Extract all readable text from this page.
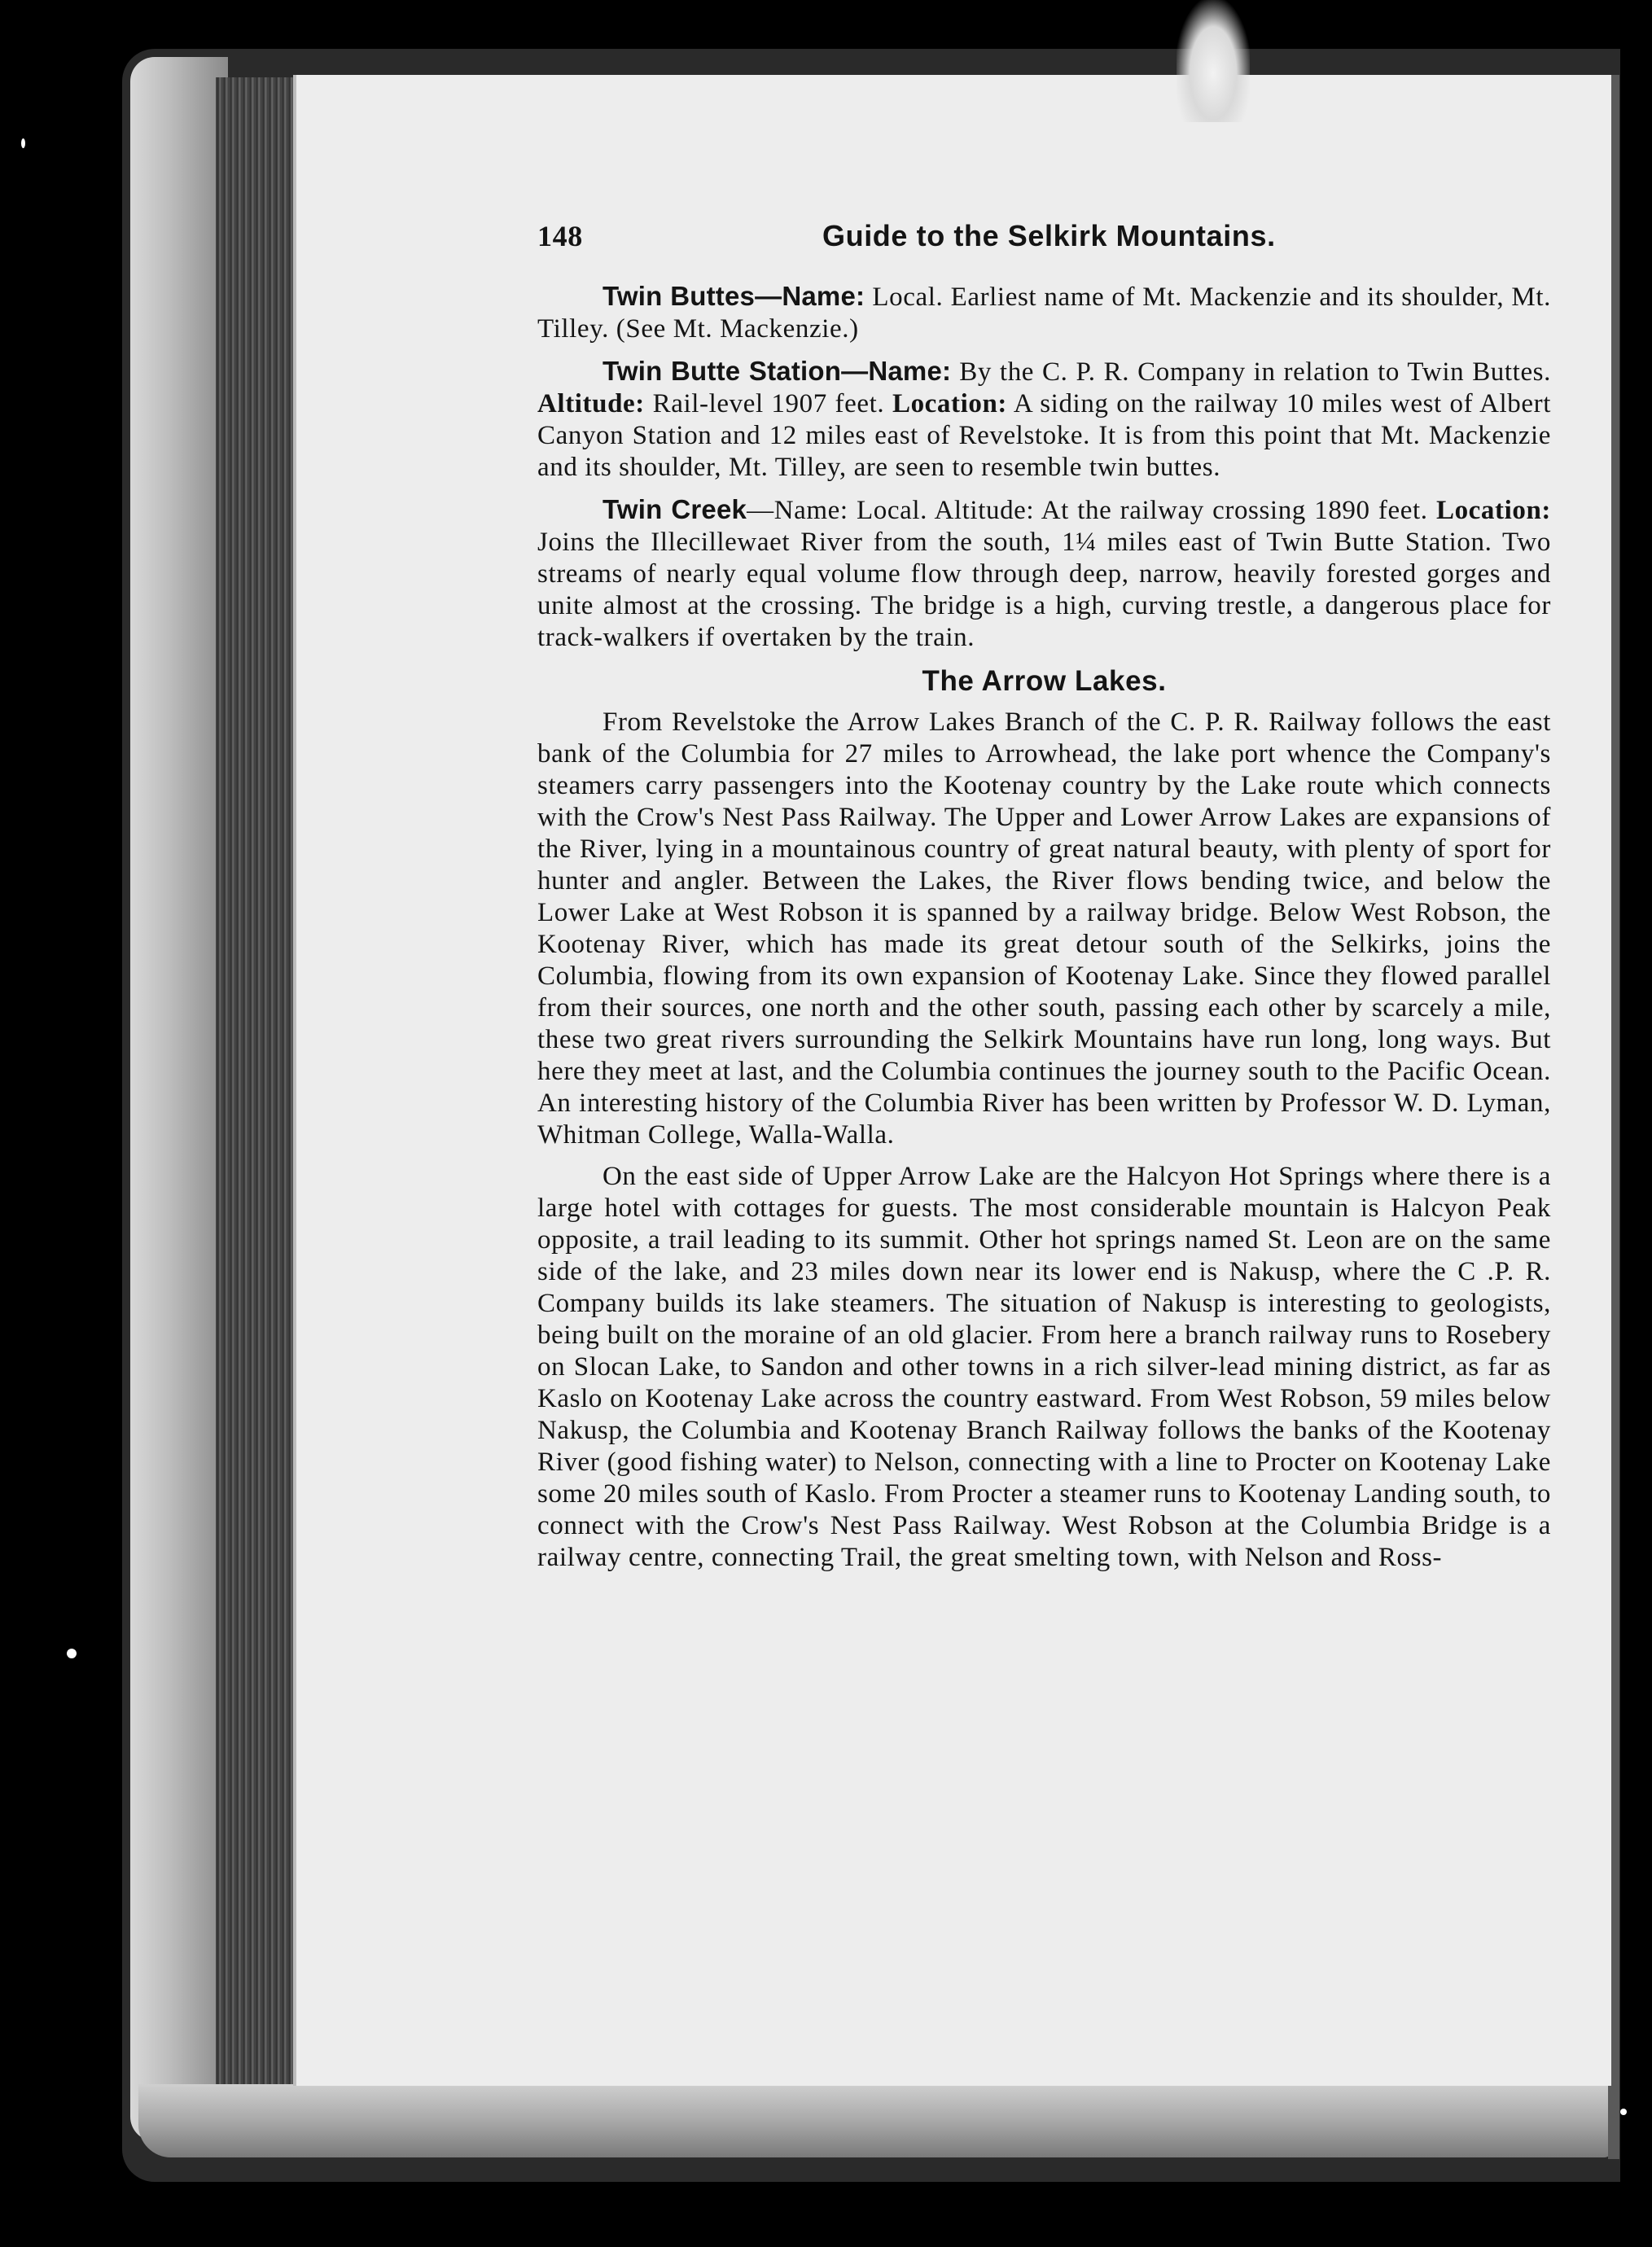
148	Guide to the Selkirk Mountains.

Twin Buttes—Name: Local. Earliest name of Mt. Mackenzie and its shoulder, Mt. Tilley. (See Mt. Mackenzie.)

Twin Butte Station—Name: By the C. P. R. Company in relation to Twin Buttes. Altitude: Rail-level 1907 feet. Location: A siding on the railway 10 miles west of Albert Canyon Station and 12 miles east of Revelstoke. It is from this point that Mt. Mackenzie and its shoulder, Mt. Tilley, are seen to resemble twin buttes.

Twin Creek—Name: Local. Altitude: At the railway crossing 1890 feet. Location: Joins the Illecillewaet River from the south, 1¼ miles east of Twin Butte Station. Two streams of nearly equal volume flow through deep, narrow, heavily forested gorges and unite almost at the crossing. The bridge is a high, curving trestle, a dangerous place for track-walkers if overtaken by the train.

The Arrow Lakes.

From Revelstoke the Arrow Lakes Branch of the C. P. R. Railway follows the east bank of the Columbia for 27 miles to Arrowhead, the lake port whence the Company's steamers carry passengers into the Kootenay country by the Lake route which connects with the Crow's Nest Pass Railway. The Upper and Lower Arrow Lakes are expansions of the River, lying in a mountainous country of great natural beauty, with plenty of sport for hunter and angler. Between the Lakes, the River flows bending twice, and below the Lower Lake at West Robson it is spanned by a railway bridge. Below West Robson, the Kootenay River, which has made its great detour south of the Selkirks, joins the Columbia, flowing from its own expansion of Kootenay Lake. Since they flowed parallel from their sources, one north and the other south, passing each other by scarcely a mile, these two great rivers surrounding the Selkirk Mountains have run long, long ways. But here they meet at last, and the Columbia continues the journey south to the Pacific Ocean. An interesting history of the Columbia River has been written by Professor W. D. Lyman, Whitman College, Walla-Walla.

On the east side of Upper Arrow Lake are the Halcyon Hot Springs where there is a large hotel with cottages for guests. The most considerable mountain is Halcyon Peak opposite, a trail leading to its summit. Other hot springs named St. Leon are on the same side of the lake, and 23 miles down near its lower end is Nakusp, where the C .P. R. Company builds its lake steamers. The situation of Nakusp is interesting to geologists, being built on the moraine of an old glacier. From here a branch railway runs to Rosebery on Slocan Lake, to Sandon and other towns in a rich silver-lead mining district, as far as Kaslo on Kootenay Lake across the country eastward. From West Robson, 59 miles below Nakusp, the Columbia and Kootenay Branch Railway follows the banks of the Kootenay River (good fishing water) to Nelson, connecting with a line to Procter on Kootenay Lake some 20 miles south of Kaslo. From Procter a steamer runs to Kootenay Landing south, to connect with the Crow's Nest Pass Railway. West Robson at the Columbia Bridge is a railway centre, connecting Trail, the great smelting town, with Nelson and Ross-
